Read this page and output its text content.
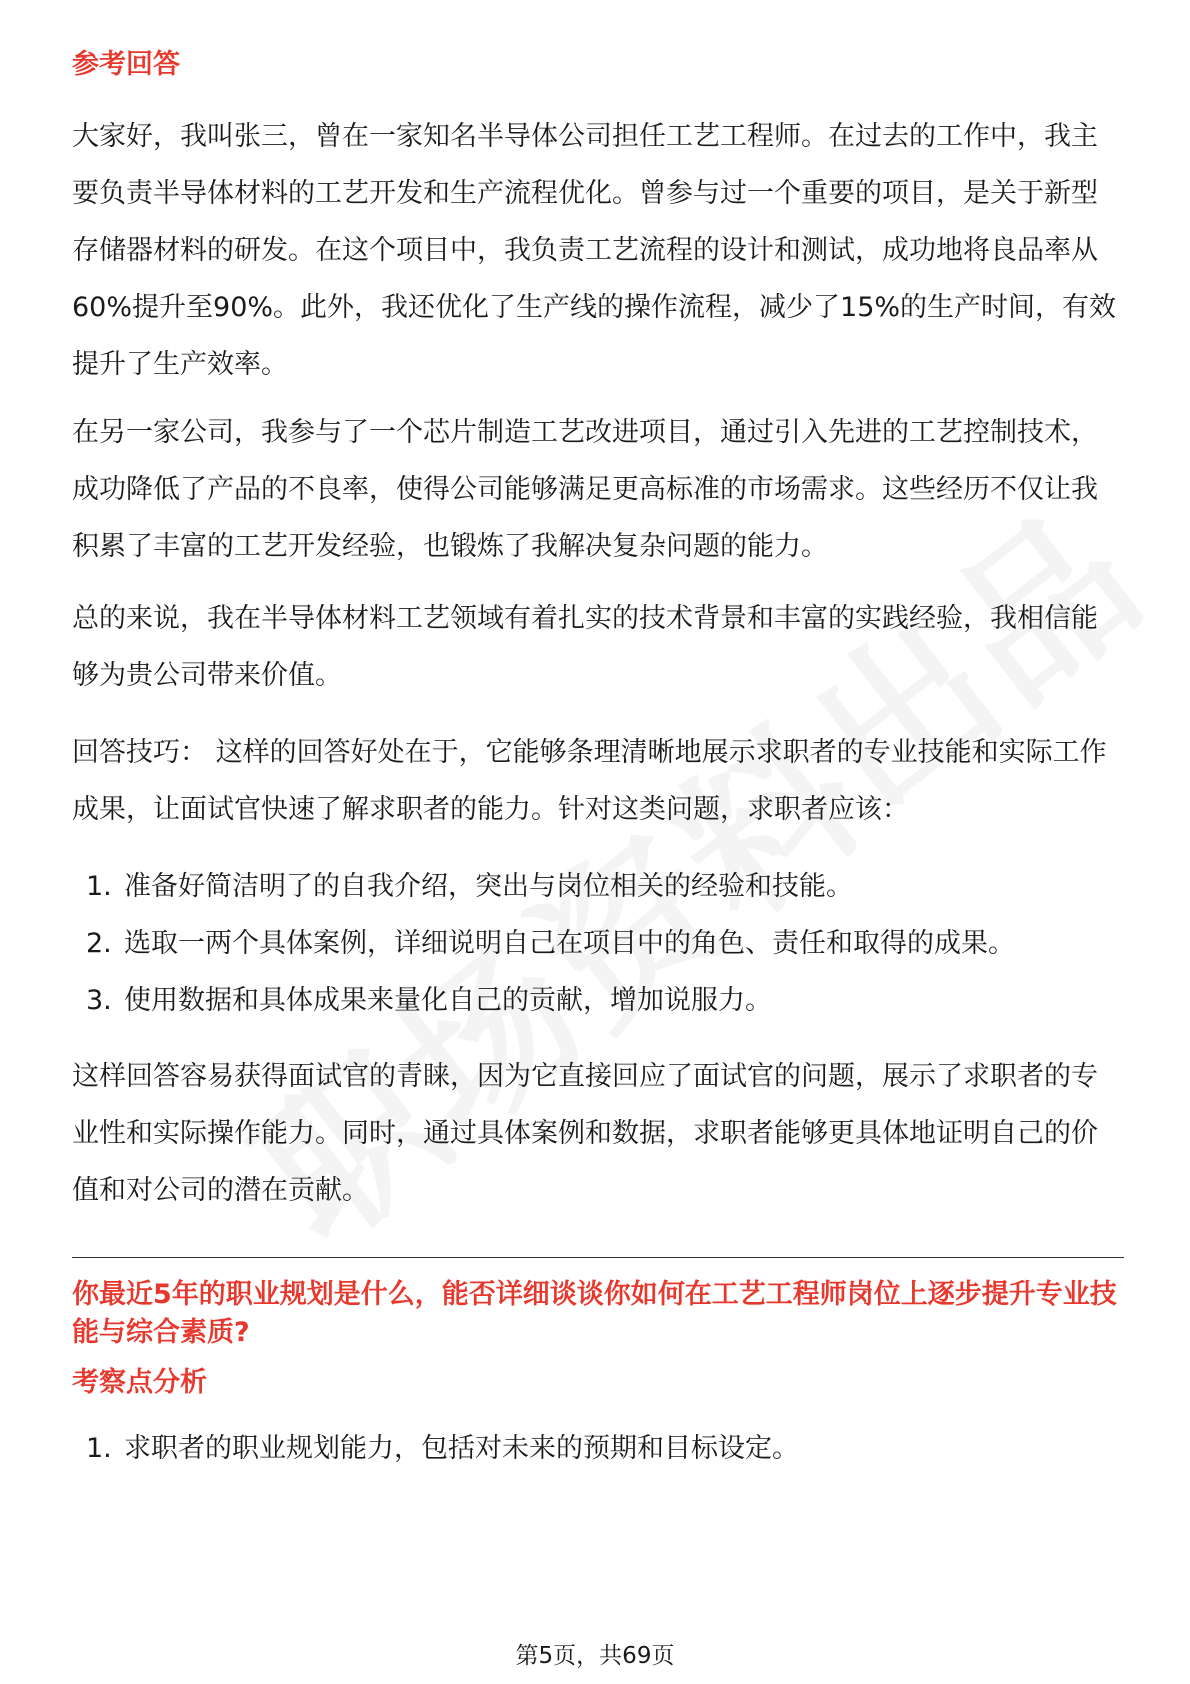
参考回答

大家好，我叫张三，曾在一家知名半导体公司担任工艺工程师。在过去的工作中，我主要负责半导体材料的工艺开发和生产流程优化。曾参与过一个重要的项目，是关于新型存储器材料的研发。在这个项目中，我负责工艺流程的设计和测试，成功地将良品率从60%提升至90%。此外，我还优化了生产线的操作流程，减少了15%的生产时间，有效提升了生产效率。

在另一家公司，我参与了一个芯片制造工艺改进项目，通过引入先进的工艺控制技术，成功降低了产品的不良率，使得公司能够满足更高标准的市场需求。这些经历不仅让我积累了丰富的工艺开发经验，也锻炼了我解决复杂问题的能力。

总的来说，我在半导体材料工艺领域有着扎实的技术背景和丰富的实践经验，我相信能够为贵公司带来价值。

回答技巧： 这样的回答好处在于，它能够条理清晰地展示求职者的专业技能和实际工作成果，让面试官快速了解求职者的能力。针对这类问题，求职者应该：

1. 准备好简洁明了的自我介绍，突出与岗位相关的经验和技能。
2. 选取一两个具体案例，详细说明自己在项目中的角色、责任和取得的成果。
3. 使用数据和具体成果来量化自己的贡献，增加说服力。

这样回答容易获得面试官的青睐，因为它直接回应了面试官的问题，展示了求职者的专业性和实际操作能力。同时，通过具体案例和数据，求职者能够更具体地证明自己的价值和对公司的潜在贡献。

你最近5年的职业规划是什么，能否详细谈谈你如何在工艺工程师岗位上逐步提升专业技能与综合素质?
考察点分析
1. 求职者的职业规划能力，包括对未来的预期和目标设定。
第5页，共69页
